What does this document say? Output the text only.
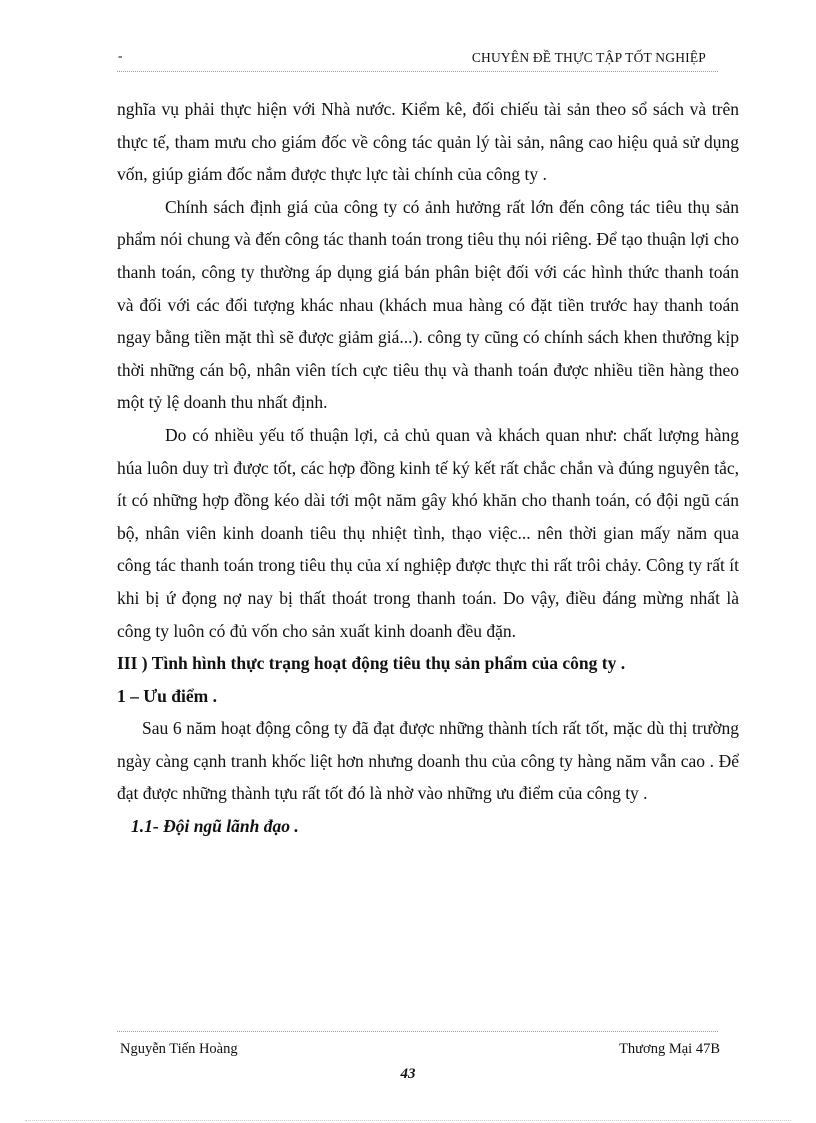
-	CHUYÊN ĐỀ THỰC TẬP TỐT NGHIỆP

nghĩa vụ phải thực hiện với Nhà nước. Kiểm kê, đối chiếu tài sản theo sổ sách và trên thực tế, tham mưu cho giám đốc về công tác quản lý tài sản, nâng cao hiệu quả sử dụng vốn, giúp giám đốc nắm được thực lực tài chính của công ty .

Chính sách định giá của công ty có ảnh hưởng rất lớn đến công tác tiêu thụ sản phẩm nói chung và đến công tác thanh toán trong tiêu thụ nói riêng. Để tạo thuận lợi cho thanh toán, công ty thường áp dụng giá bán phân biệt đối với các hình thức thanh toán và đối với các đối tượng khác nhau (khách mua hàng có đặt tiền trước hay thanh toán ngay bằng tiền mặt thì sẽ được giảm giá...). công ty cũng có chính sách khen thưởng kịp thời những cán bộ, nhân viên tích cực tiêu thụ và thanh toán được nhiều tiền hàng theo một tỷ lệ doanh thu nhất định.

Do có nhiều yếu tố thuận lợi, cả chủ quan và khách quan như: chất lượng hàng húa luôn duy trì được tốt, các hợp đồng kinh tế ký kết rất chắc chắn và đúng nguyên tắc, ít có những hợp đồng kéo dài tới một năm gây khó khăn cho thanh toán, có đội ngũ cán bộ, nhân viên kinh doanh tiêu thụ nhiệt tình, thạo việc... nên thời gian mấy năm qua công tác thanh toán trong tiêu thụ của xí nghiệp được thực thi rất trôi chảy. Công ty rất ít khi bị ứ đọng nợ nay bị thất thoát trong thanh toán. Do vậy, điều đáng mừng nhất là công ty luôn có đủ vốn cho sản xuất kinh doanh đều đặn.

III ) Tình hình thực trạng hoạt động tiêu thụ sản phẩm của công ty .

1 – Ưu điểm .

Sau 6 năm hoạt động công ty đã đạt được những thành tích rất tốt, mặc dù thị trường ngày càng cạnh tranh khốc liệt hơn nhưng doanh thu của công ty hàng năm vẫn cao . Để đạt được những thành tựu rất tốt đó là nhờ vào những ưu điểm của công ty .

1.1- Đội ngũ lãnh đạo .

Nguyễn Tiến Hoàng	Thương Mại 47B
43
